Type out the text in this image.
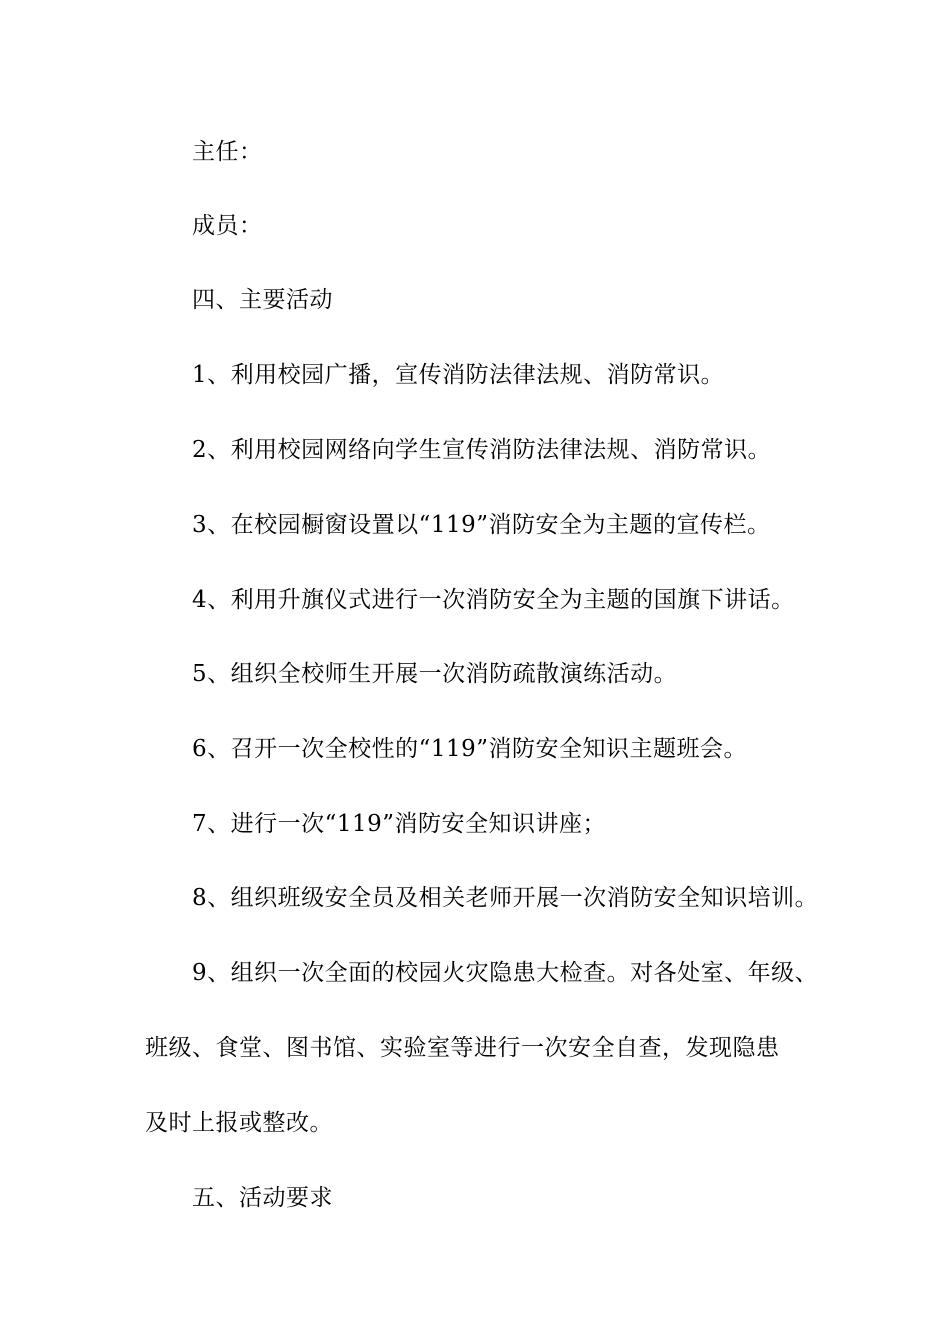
主任：
成员：
四、主要活动
1、利用校园广播，宣传消防法律法规、消防常识。
2、利用校园网络向学生宣传消防法律法规、消防常识。
3、在校园橱窗设置以“119”消防安全为主题的宣传栏。
4、利用升旗仪式进行一次消防安全为主题的国旗下讲话。
5、组织全校师生开展一次消防疏散演练活动。
6、召开一次全校性的“119”消防安全知识主题班会。
7、进行一次“119”消防安全知识讲座；
8、组织班级安全员及相关老师开展一次消防安全知识培训。
9、组织一次全面的校园火灾隐患大检查。对各处室、年级、
班级、食堂、图书馆、实验室等进行一次安全自查，发现隐患
及时上报或整改。
五、活动要求
